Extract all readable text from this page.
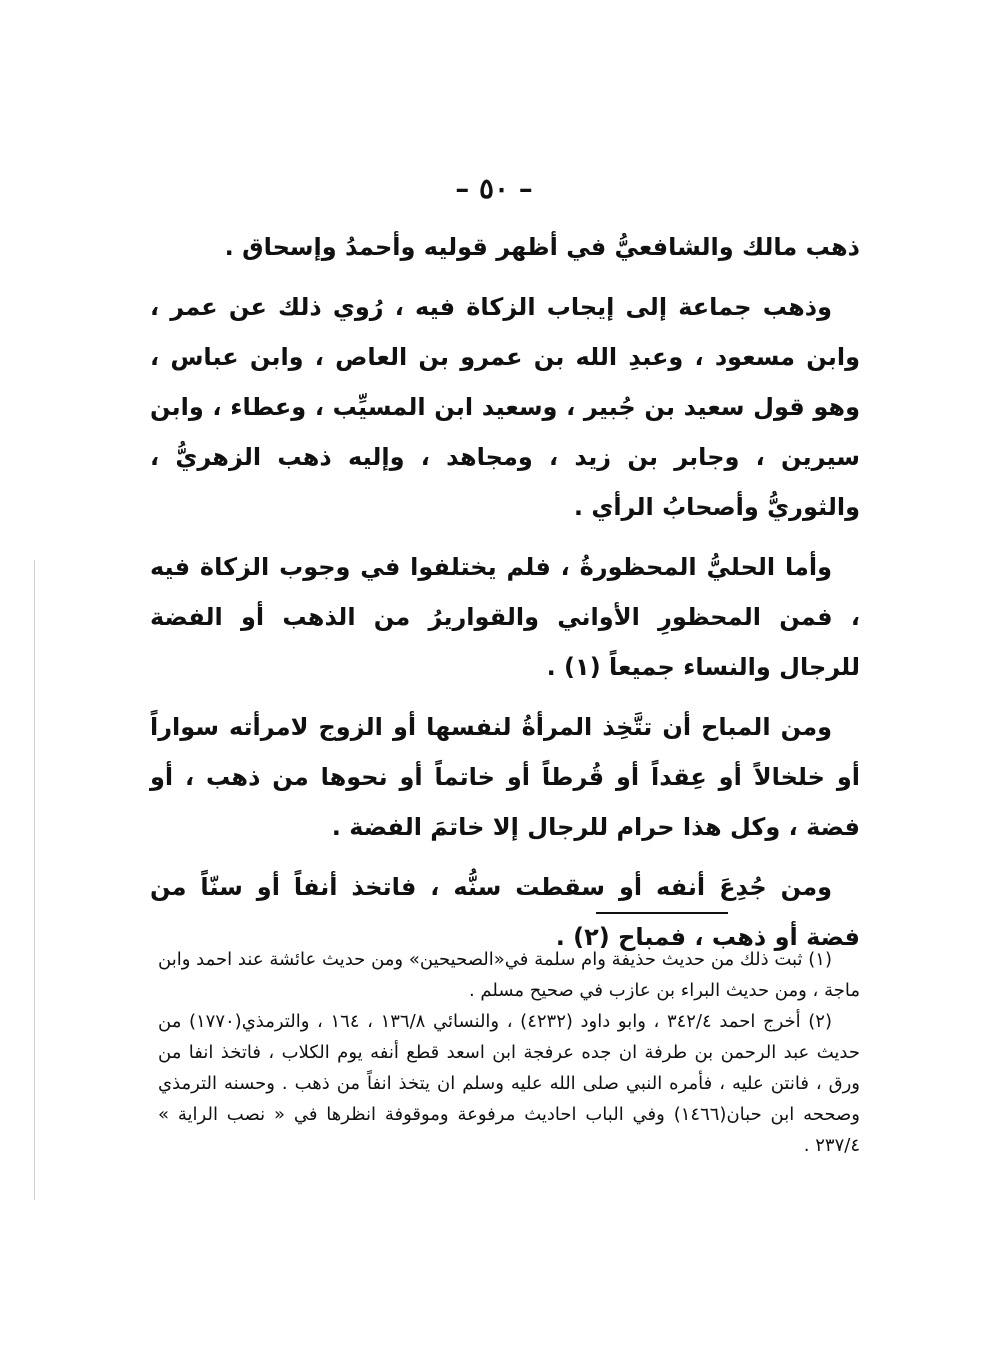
– ٥٠ –

ذهب مالك والشافعيُّ في أظهر قوليه وأحمدُ وإسحاق .

وذهب جماعة إلى إيجاب الزكاة فيه ، رُوي ذلك عن عمر ، وابن مسعود ، وعبدِ الله بن عمرو بن العاص ، وابن عباس ، وهو قول سعيد بن جُبير ، وسعيد ابن المسيِّب ، وعطاء ، وابن سيرين ، وجابر بن زيد ، ومجاهد ، وإليه ذهب الزهريُّ ، والثوريُّ وأصحابُ الرأي .

وأما الحليُّ المحظورةُ ، فلم يختلفوا في وجوب الزكاة فيه ، فمن المحظورِ الأواني والقواريرُ من الذهب أو الفضة للرجال والنساء جميعاً (١) .

ومن المباح أن تتَّخِذ المرأةُ لنفسها أو الزوج لامرأته سواراً أو خلخالاً أو عِقداً أو قُرطاً أو خاتماً أو نحوها من ذهب ، أو فضة ، وكل هذا حرام للرجال إلا خاتمَ الفضة .

ومن جُدِعَ أنفه أو سقطت سنُّه ، فاتخذ أنفاً أو سنّاً من فضة أو ذهب ، فمباح (٢) .

(١) ثبت ذلك من حديث حذيفة وام سلمة في«الصحيحين» ومن حديث عائشة عند احمد وابن ماجة ، ومن حديث البراء بن عازب في صحيح مسلم .

(٢) أخرج احمد ٣٤٢/٤ ، وابو داود (٤٢٣٢) ، والنسائي ١٣٦/٨ ، ١٦٤ ، والترمذي(١٧٧٠) من حديث عبد الرحمن بن طرفة ان جده عرفجة ابن اسعد قطع أنفه يوم الكلاب ، فاتخذ انفا من ورق ، فانتن عليه ، فأمره النبي صلى الله عليه وسلم ان يتخذ انفاً من ذهب . وحسنه الترمذي وصححه ابن حبان(١٤٦٦) وفي الباب احاديث مرفوعة وموقوفة انظرها في « نصب الراية » ٢٣٧/٤ .
